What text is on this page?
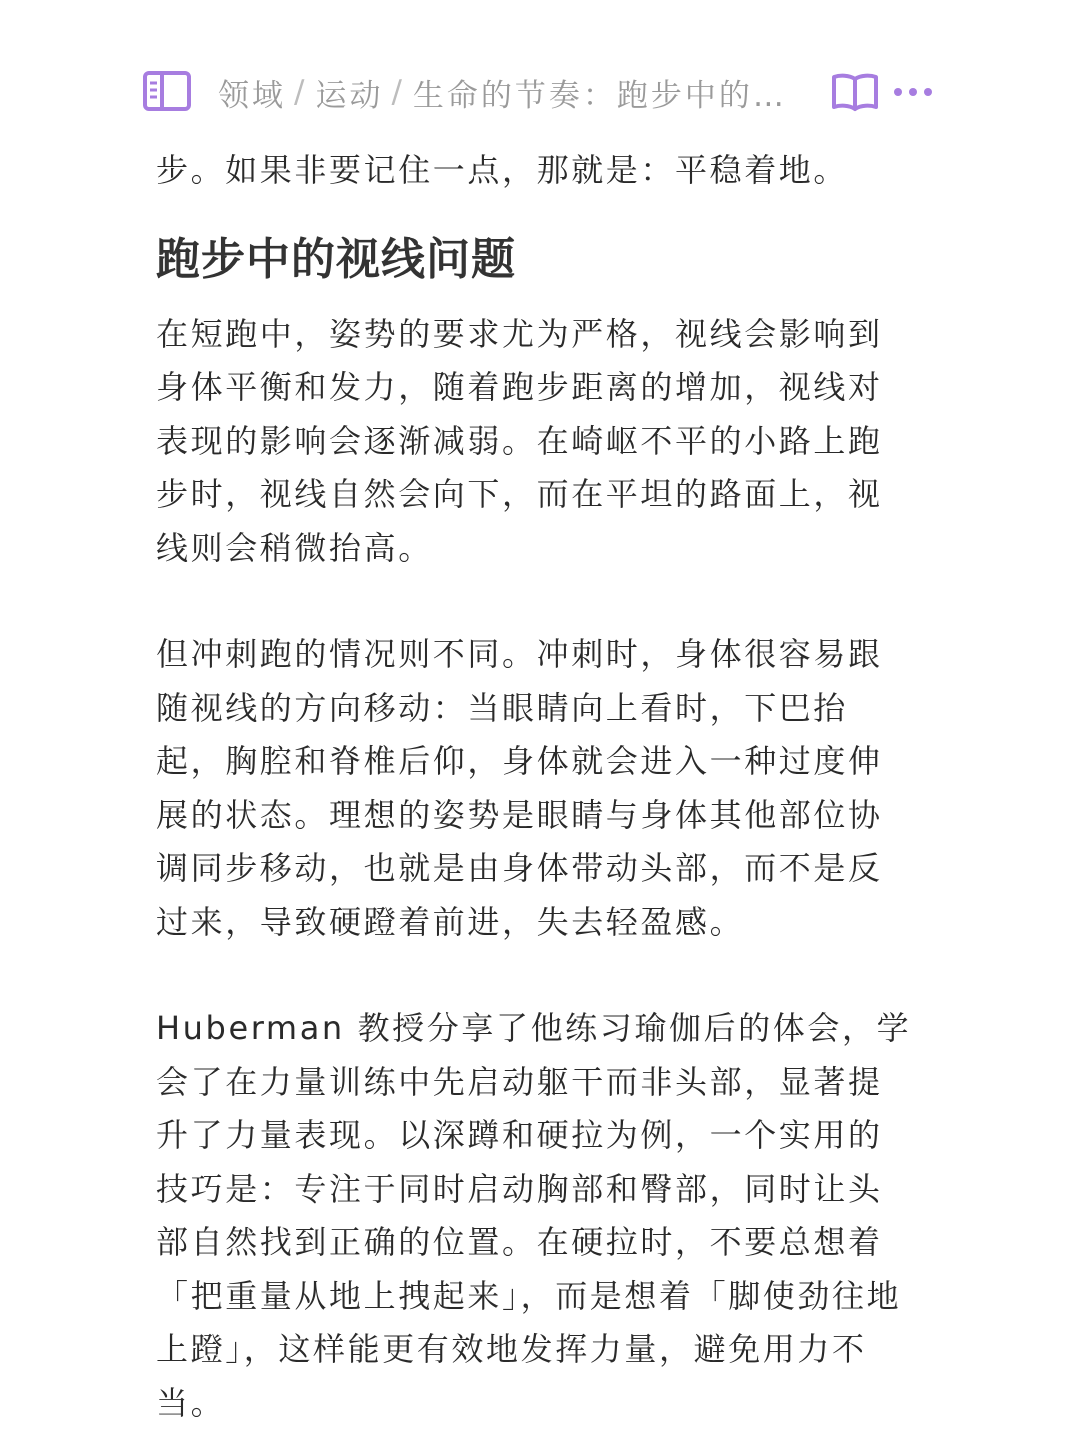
领域 / 运动 / 生命的节奏：跑步中的…

步。如果非要记住一点，那就是：平稳着地。

跑步中的视线问题

在短跑中，姿势的要求尤为严格，视线会影响到身体平衡和发力，随着跑步距离的增加，视线对表现的影响会逐渐减弱。在崎岖不平的小路上跑步时，视线自然会向下，而在平坦的路面上，视线则会稍微抬高。

但冲刺跑的情况则不同。冲刺时，身体很容易跟随视线的方向移动：当眼睛向上看时，下巴抬起，胸腔和脊椎后仰，身体就会进入一种过度伸展的状态。理想的姿势是眼睛与身体其他部位协调同步移动，也就是由身体带动头部，而不是反过来，导致硬蹬着前进，失去轻盈感。

Huberman 教授分享了他练习瑜伽后的体会，学会了在力量训练中先启动躯干而非头部，显著提升了力量表现。以深蹲和硬拉为例，一个实用的技巧是：专注于同时启动胸部和臀部，同时让头部自然找到正确的位置。在硬拉时，不要总想着「把重量从地上拽起来」，而是想着「脚使劲往地上蹬」，这样能更有效地发挥力量，避免用力不当。
